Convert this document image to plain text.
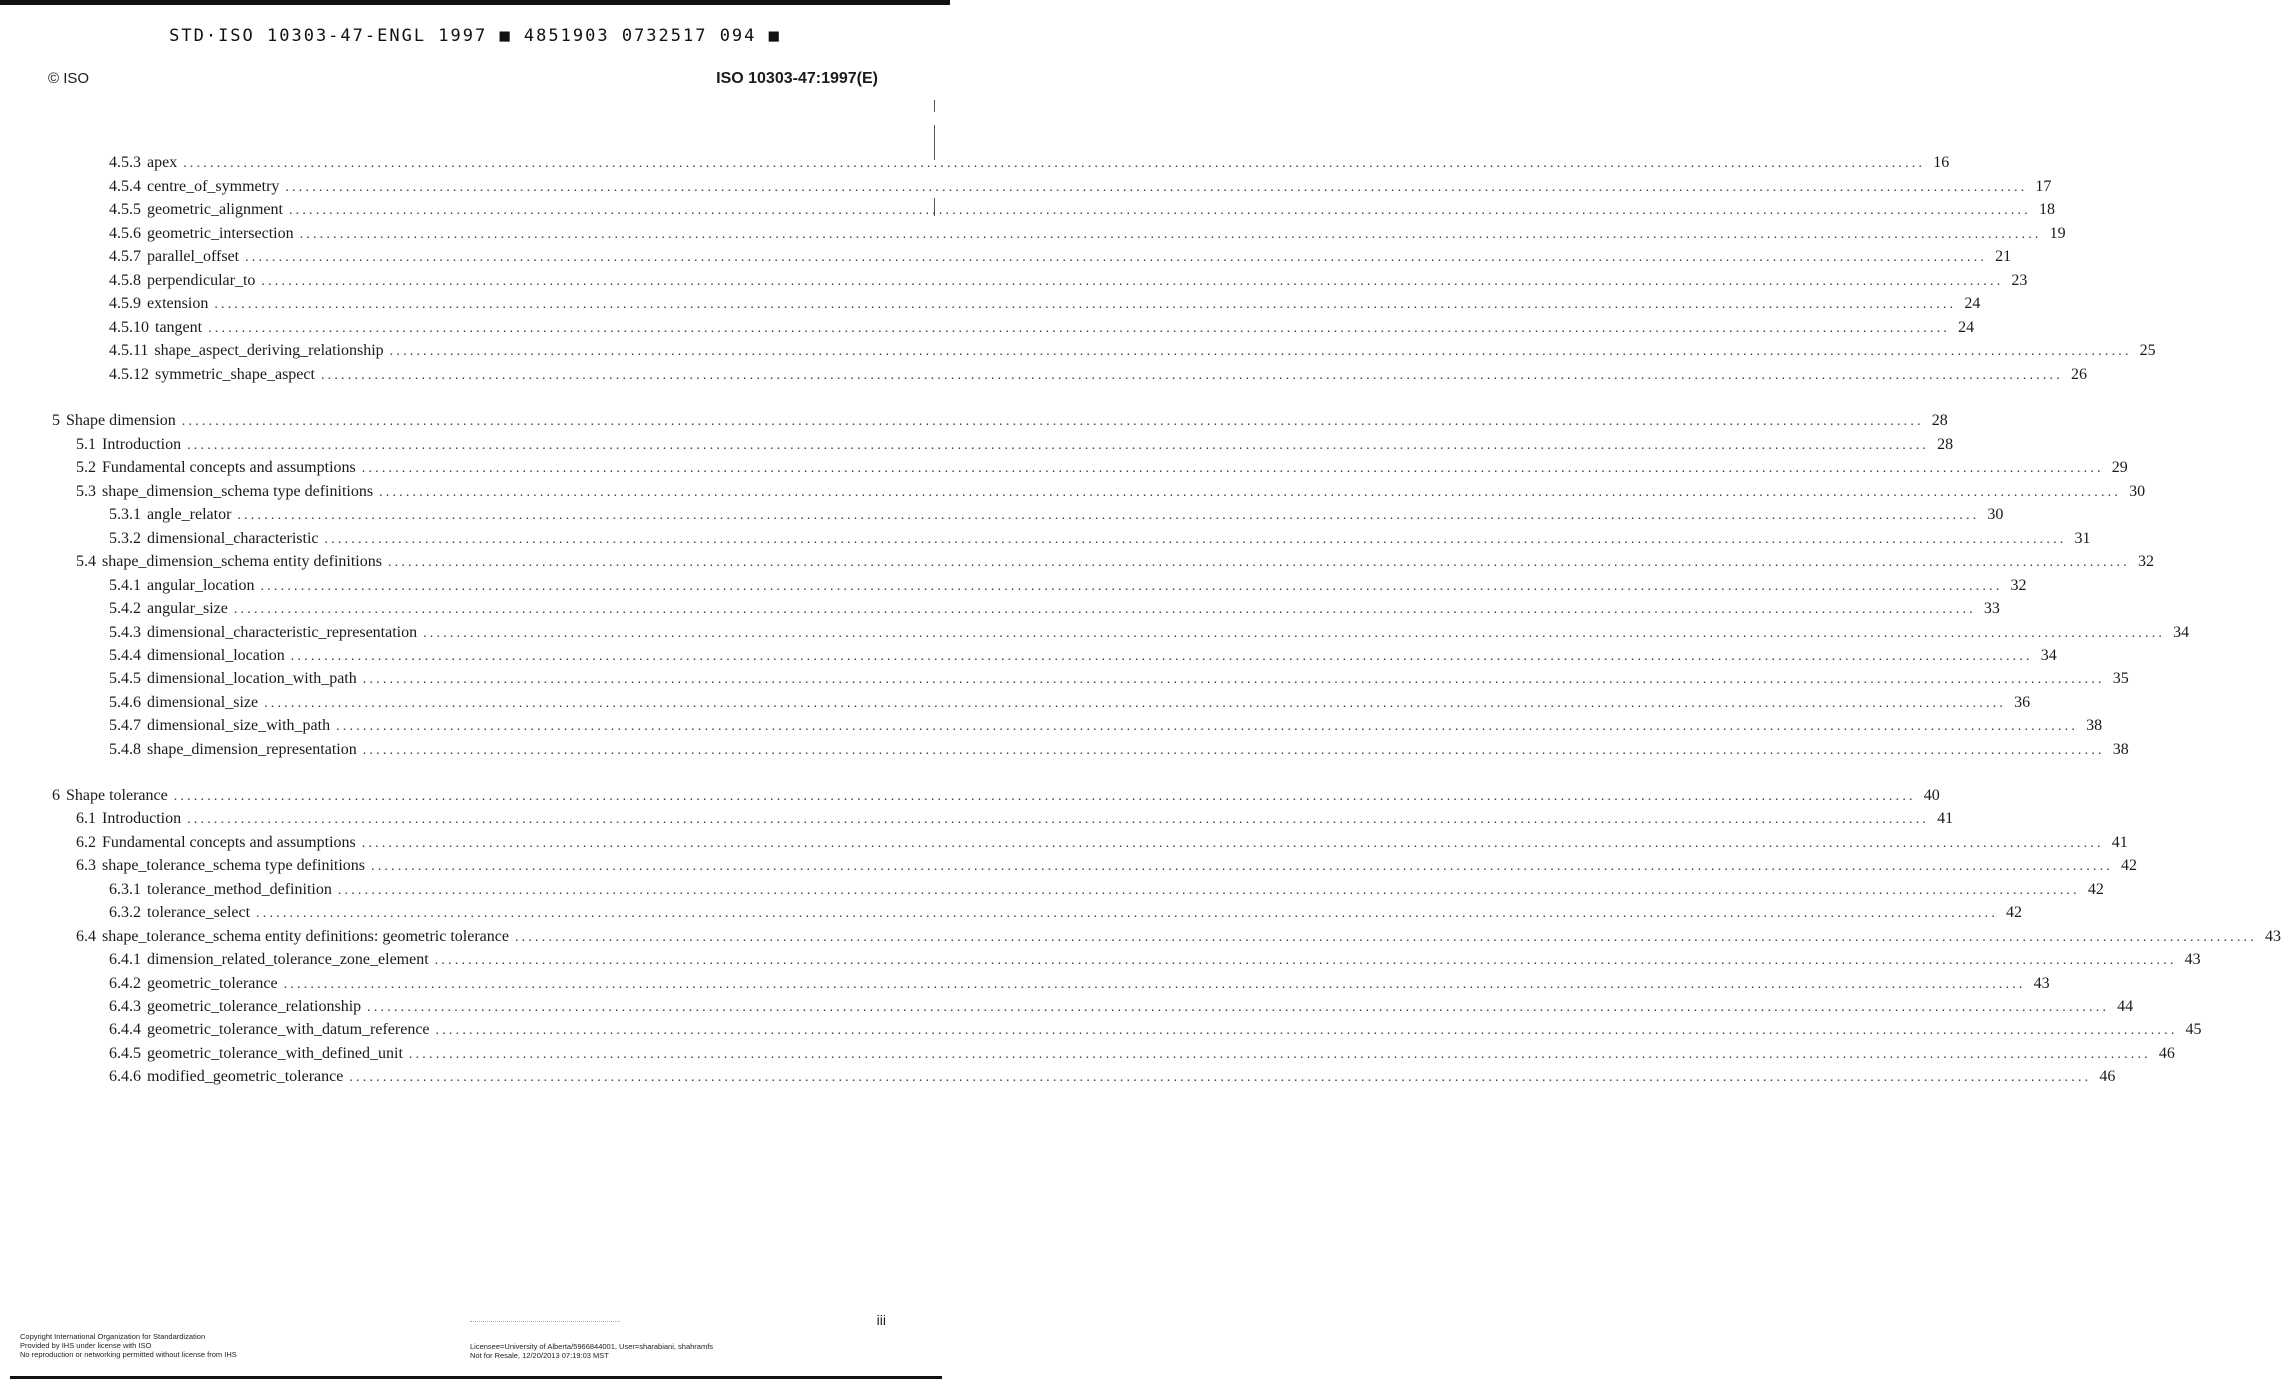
STD·ISO 10303-47-ENGL 1997 ■ 4851903 0732517 094 ■
© ISO	ISO 10303-47:1997(E)
4.5.3 apex .................................................................................................................................................................................................................................................................... 16
4.5.4 centre_of_symmetry .................................................................................................................................................................................................................................................................... 17
4.5.5 geometric_alignment .................................................................................................................................................................................................................................................................... 18
4.5.6 geometric_intersection .................................................................................................................................................................................................................................................................... 19
4.5.7 parallel_offset .................................................................................................................................................................................................................................................................... 21
4.5.8 perpendicular_to .................................................................................................................................................................................................................................................................... 23
4.5.9 extension .................................................................................................................................................................................................................................................................... 24
4.5.10 tangent .................................................................................................................................................................................................................................................................... 24
4.5.11 shape_aspect_deriving_relationship .................................................................................................................................................................................................................................................................... 25
4.5.12 symmetric_shape_aspect .................................................................................................................................................................................................................................................................... 26
5 Shape dimension .................................................................................................................................................................................................................................................................... 28
5.1 Introduction .................................................................................................................................................................................................................................................................... 28
5.2 Fundamental concepts and assumptions .................................................................................................................................................................................................................................................................... 29
5.3 shape_dimension_schema type definitions .................................................................................................................................................................................................................................................................... 30
5.3.1 angle_relator .................................................................................................................................................................................................................................................................... 30
5.3.2 dimensional_characteristic .................................................................................................................................................................................................................................................................... 31
5.4 shape_dimension_schema entity definitions .................................................................................................................................................................................................................................................................... 32
5.4.1 angular_location .................................................................................................................................................................................................................................................................... 32
5.4.2 angular_size .................................................................................................................................................................................................................................................................... 33
5.4.3 dimensional_characteristic_representation .................................................................................................................................................................................................................................................................... 34
5.4.4 dimensional_location .................................................................................................................................................................................................................................................................... 34
5.4.5 dimensional_location_with_path .................................................................................................................................................................................................................................................................... 35
5.4.6 dimensional_size .................................................................................................................................................................................................................................................................... 36
5.4.7 dimensional_size_with_path .................................................................................................................................................................................................................................................................... 38
5.4.8 shape_dimension_representation .................................................................................................................................................................................................................................................................... 38
6 Shape tolerance .................................................................................................................................................................................................................................................................... 40
6.1 Introduction .................................................................................................................................................................................................................................................................... 41
6.2 Fundamental concepts and assumptions .................................................................................................................................................................................................................................................................... 41
6.3 shape_tolerance_schema type definitions .................................................................................................................................................................................................................................................................... 42
6.3.1 tolerance_method_definition .................................................................................................................................................................................................................................................................... 42
6.3.2 tolerance_select .................................................................................................................................................................................................................................................................... 42
6.4 shape_tolerance_schema entity definitions: geometric tolerance .................................................................................................................................................................................................................................................................... 43
6.4.1 dimension_related_tolerance_zone_element .................................................................................................................................................................................................................................................................... 43
6.4.2 geometric_tolerance .................................................................................................................................................................................................................................................................... 43
6.4.3 geometric_tolerance_relationship .................................................................................................................................................................................................................................................................... 44
6.4.4 geometric_tolerance_with_datum_reference .................................................................................................................................................................................................................................................................... 45
6.4.5 geometric_tolerance_with_defined_unit .................................................................................................................................................................................................................................................................... 46
6.4.6 modified_geometric_tolerance .................................................................................................................................................................................................................................................................... 46
iii
Copyright International Organization for Standardization
Provided by IHS under license with ISO
No reproduction or networking permitted without license from IHS
Licensee=University of Alberta/5966844001, User=sharabiani, shahramfs
Not for Resale, 12/20/2013 07:19:03 MST
